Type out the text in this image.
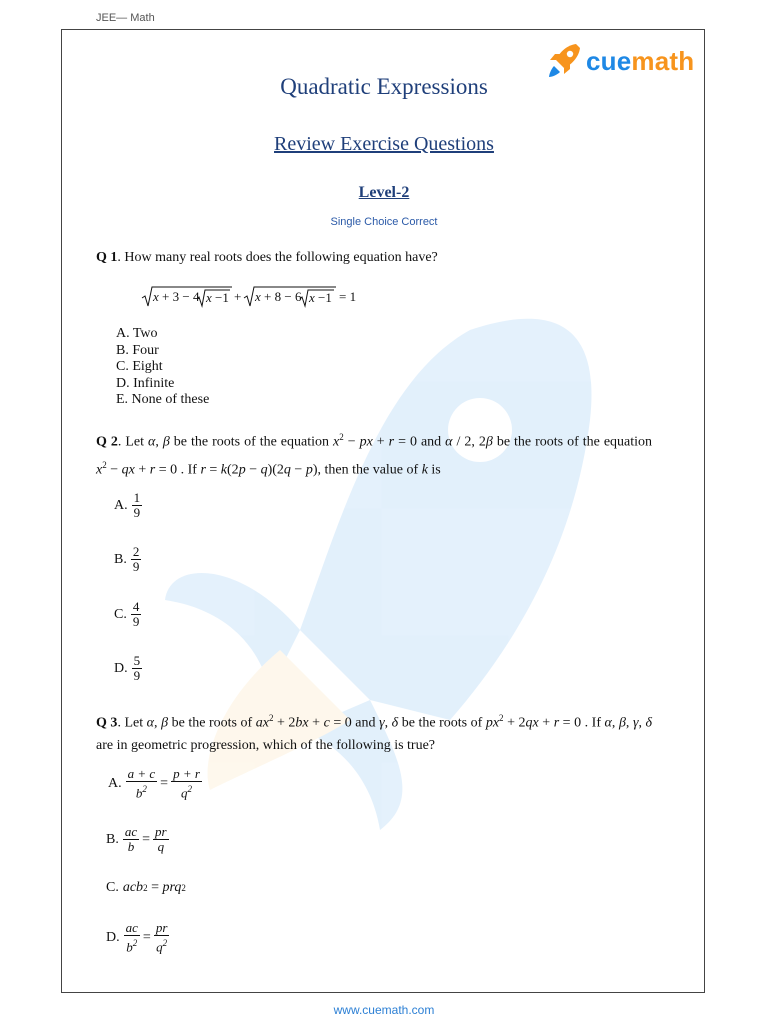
JEE— Math
cuemath
Quadratic Expressions
Review Exercise Questions
Level-2
Single Choice Correct
Q 1. How many real roots does the following equation have?
x + 3 − 4 x −1 + x + 8 − 6 x −1 = 1
A. Two
B. Four
C. Eight
D. Infinite
E. None of these
Q 2. Let α, β be the roots of the equation $x^2$ − px + r = 0 and α / 2, 2β be the roots of the equation $x^2$ − qx + r = 0 . If r = k(2p − q)(2q − p), then the value of k is
A. $\frac{1}{9}$
B. $\frac{2}{9}$
C. $\frac{4}{9}$
D. $\frac{5}{9}$
Q 3. Let α, β be the roots of $ax^2 + 2bx + c = 0$ and γ, δ be the roots of $px^2 + 2qx + r = 0$ . If α, β, γ, δ are in geometric progression, which of the following is true?
A. $\frac{a + c}{b^2} = \frac{p + r}{q^2}$
B. $\frac{ac}{b} = \frac{pr}{q}$
C. acb 2 = prq 2
D. $\frac{ac}{b^2} = \frac{pr}{q^2}$
www.cuemath.com
